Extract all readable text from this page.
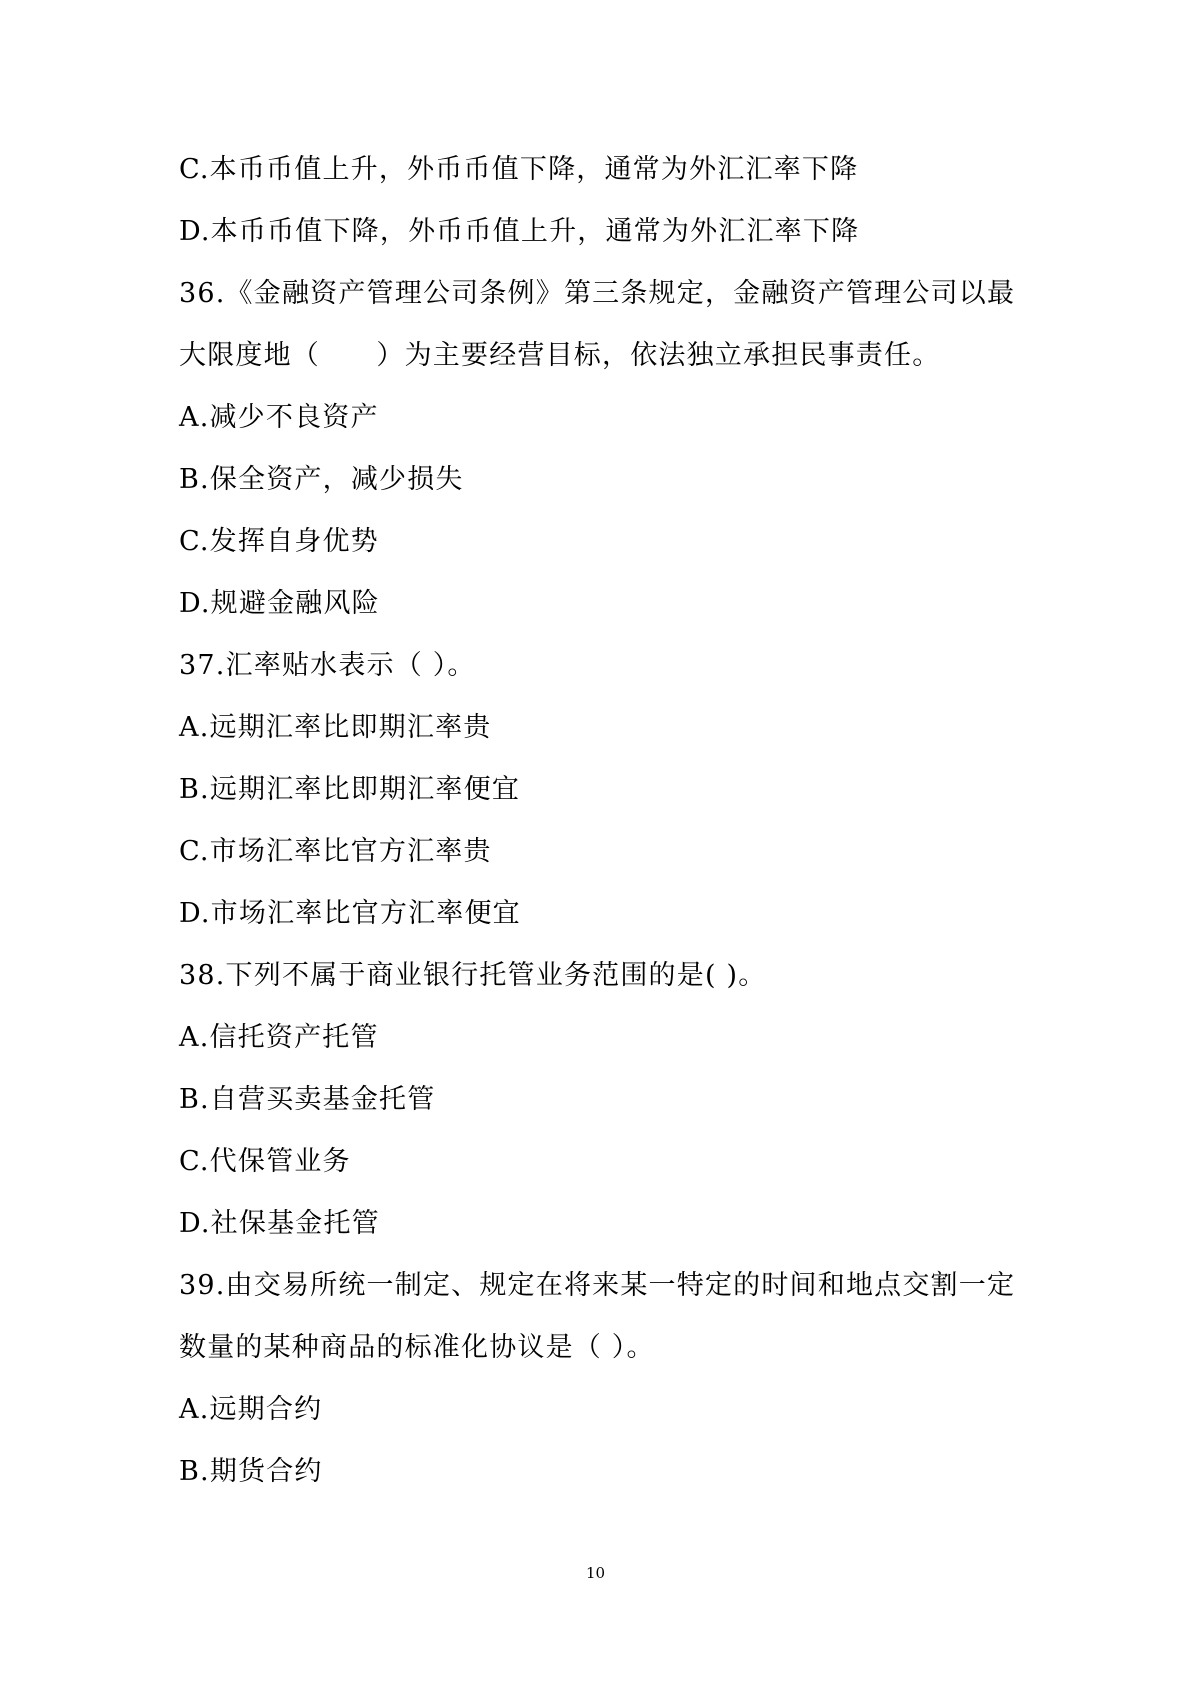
C.本币币值上升，外币币值下降，通常为外汇汇率下降
D.本币币值下降，外币币值上升，通常为外汇汇率下降
36.《金融资产管理公司条例》第三条规定，金融资产管理公司以最
大限度地（　　）为主要经营目标，依法独立承担民事责任。
A.减少不良资产
B.保全资产，减少损失
C.发挥自身优势
D.规避金融风险
37.汇率贴水表示（ ）。
A.远期汇率比即期汇率贵
B.远期汇率比即期汇率便宜
C.市场汇率比官方汇率贵
D.市场汇率比官方汇率便宜
38.下列不属于商业银行托管业务范围的是( )。
A.信托资产托管
B.自营买卖基金托管
C.代保管业务
D.社保基金托管
39.由交易所统一制定、规定在将来某一特定的时间和地点交割一定
数量的某种商品的标准化协议是（ ）。
A.远期合约
B.期货合约
10
